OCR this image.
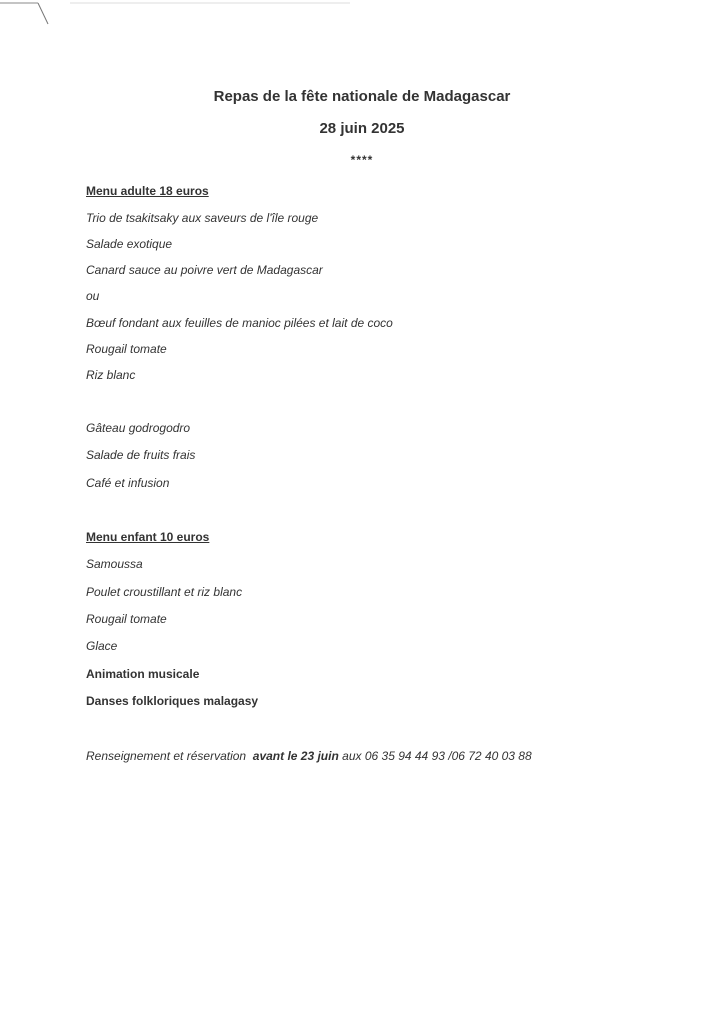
Repas de la fête nationale de Madagascar
28 juin 2025
****
Menu adulte 18 euros
Trio de tsakitsaky aux saveurs de l'île rouge
Salade exotique
Canard sauce au poivre vert de Madagascar
ou
Bœuf fondant aux feuilles de manioc pilées et lait de coco
Rougail tomate
Riz blanc
Gâteau godrogodro
Salade de fruits frais
Café et infusion
Menu enfant 10 euros
Samoussa
Poulet croustillant et riz blanc
Rougail tomate
Glace
Animation musicale
Danses folkloriques malagasy
Renseignement et réservation avant le 23 juin aux 06 35 94 44 93 /06 72 40 03 88
